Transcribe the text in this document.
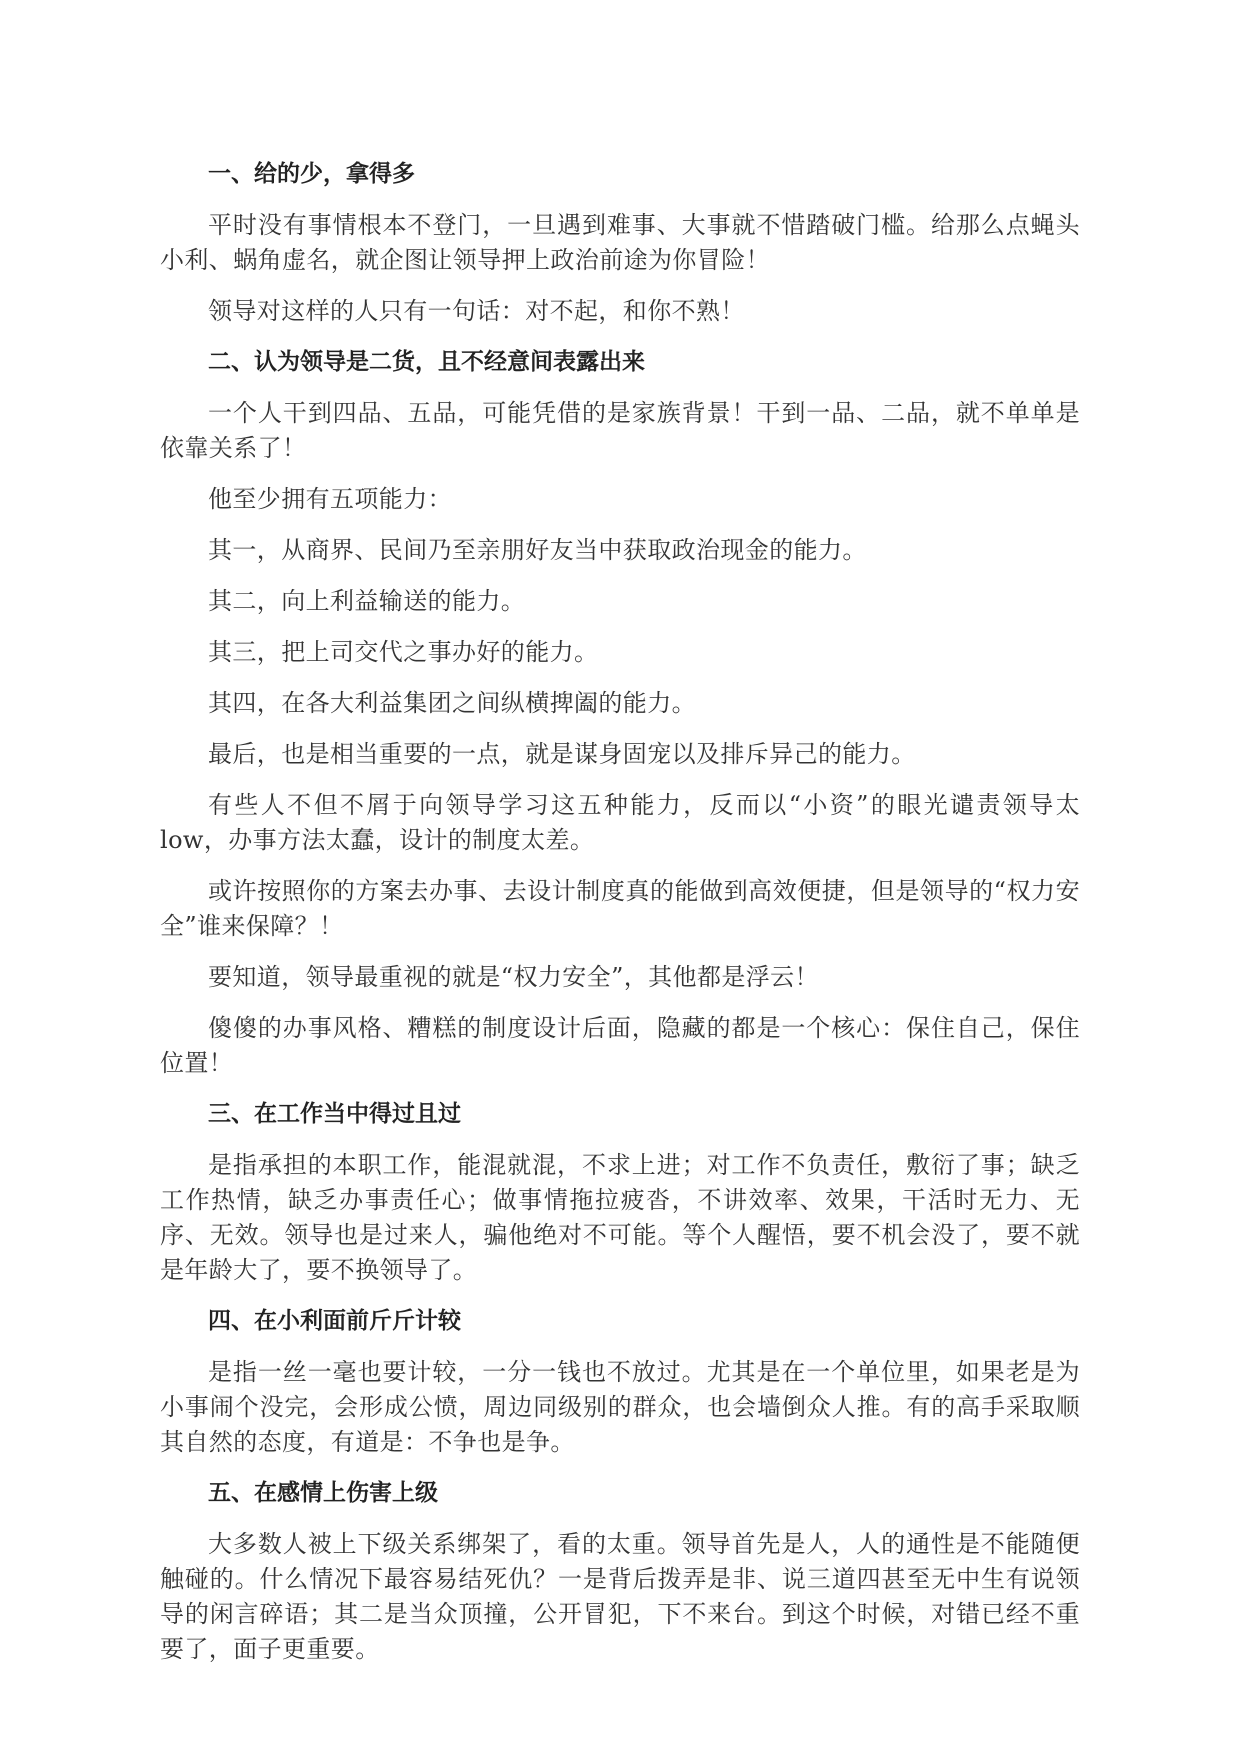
一、给的少，拿得多

平时没有事情根本不登门，一旦遇到难事、大事就不惜踏破门槛。给那么点蝇头小利、蜗角虚名，就企图让领导押上政治前途为你冒险！

领导对这样的人只有一句话：对不起，和你不熟！

二、认为领导是二货，且不经意间表露出来

一个人干到四品、五品，可能凭借的是家族背景！干到一品、二品，就不单单是依靠关系了！

他至少拥有五项能力：

其一，从商界、民间乃至亲朋好友当中获取政治现金的能力。

其二，向上利益输送的能力。

其三，把上司交代之事办好的能力。

其四，在各大利益集团之间纵横捭阖的能力。

最后，也是相当重要的一点，就是谋身固宠以及排斥异己的能力。

有些人不但不屑于向领导学习这五种能力，反而以“小资”的眼光谴责领导太low，办事方法太蠢，设计的制度太差。

或许按照你的方案去办事、去设计制度真的能做到高效便捷，但是领导的“权力安全”谁来保障？！

要知道，领导最重视的就是“权力安全”，其他都是浮云！

傻傻的办事风格、糟糕的制度设计后面，隐藏的都是一个核心：保住自己，保住位置！

三、在工作当中得过且过

是指承担的本职工作，能混就混，不求上进；对工作不负责任，敷衍了事；缺乏工作热情，缺乏办事责任心；做事情拖拉疲沓，不讲效率、效果，干活时无力、无序、无效。领导也是过来人，骗他绝对不可能。等个人醒悟，要不机会没了，要不就是年龄大了，要不换领导了。

四、在小利面前斤斤计较

是指一丝一毫也要计较，一分一钱也不放过。尤其是在一个单位里，如果老是为小事闹个没完，会形成公愤，周边同级别的群众，也会墙倒众人推。有的高手采取顺其自然的态度，有道是：不争也是争。

五、在感情上伤害上级

大多数人被上下级关系绑架了，看的太重。领导首先是人，人的通性是不能随便触碰的。什么情况下最容易结死仇？一是背后拨弄是非、说三道四甚至无中生有说领导的闲言碎语；其二是当众顶撞，公开冒犯，下不来台。到这个时候，对错已经不重要了，面子更重要。
